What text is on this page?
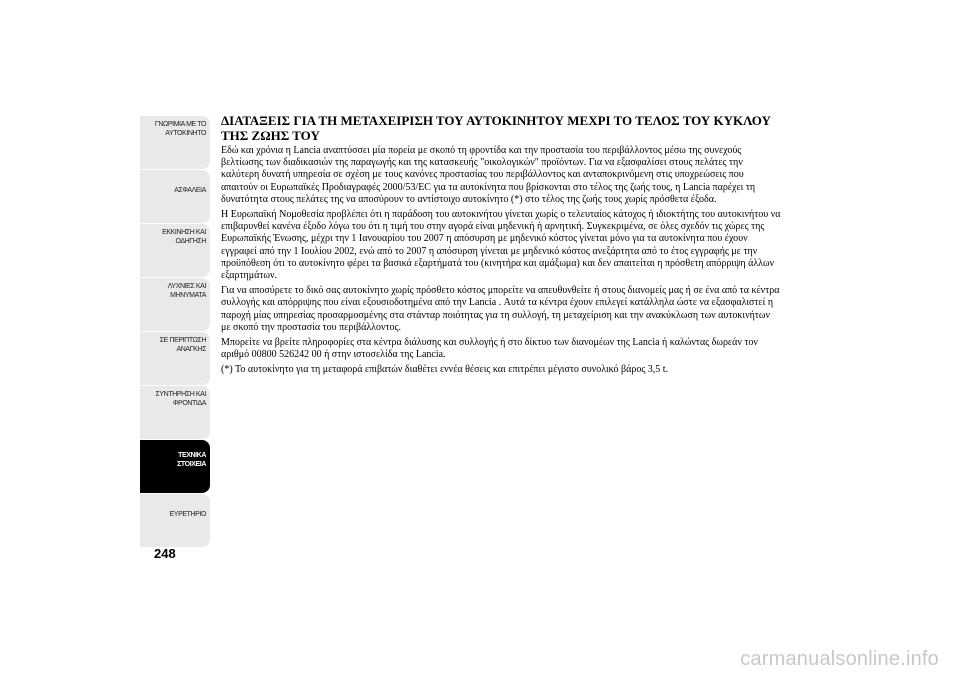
ΓΝΩΡΙΜΙΑ ΜΕ ΤΟ
ΑΥΤΟΚΙΝΗΤΟ
ΑΣΦΑΛΕΙΑ
ΕΚΚΙΝΗΣΗ ΚΑΙ
ΟΔΗΓΗΣΗ
ΛΥΧΝΙΕΣ ΚΑΙ
ΜΗΝΥΜΑΤΑ
ΣΕ ΠΕΡΙΠΤΩΣΗ
ΑΝΑΓΚΗΣ
ΣΥΝΤΗΡΗΣΗ ΚΑΙ
ΦΡΟΝΤΙΔΑ
ΤΕΧΝΙΚΑ
ΣΤΟΙΧΕΙΑ
ΕΥΡΕΤΗΡΙΟ
248
ΔΙΑΤΑΞΕΙΣ ΓΙΑ ΤΗ ΜΕΤΑΧΕΙΡΙΣΗ ΤΟΥ ΑΥΤΟΚΙΝΗΤΟΥ ΜΕΧΡΙ ΤΟ ΤΕΛΟΣ ΤΟΥ ΚΥΚΛΟΥ ΤΗΣ ΖΩΗΣ ΤΟΥ

Εδώ και χρόνια η Lancia αναπτύσσει μία πορεία με σκοπό τη φροντίδα και την προστασία του περιβάλλοντος μέσω της συνεχούς βελτίωσης των διαδικασιών της παραγωγής και της κατασκευής "οικολογικών" προϊόντων. Για να εξασφαλίσει στους πελάτες την καλύτερη δυνατή υπηρεσία σε σχέση με τους κανόνες προστασίας του περιβάλλοντος και ανταποκρινόμενη στις υποχρεώσεις που απαιτούν οι Ευρωπαϊκές Προδιαγραφές 2000/53/EC για τα αυτοκίνητα που βρίσκονται στο τέλος της ζωής τους, η Lancia παρέχει τη δυνατότητα στους πελάτες της να αποσύρουν το αντίστοιχο αυτοκίνητο (*) στο τέλος της ζωής τους χωρίς πρόσθετα έξοδα.

Η Ευρωπαϊκή Νομοθεσία προβλέπει ότι η παράδοση του αυτοκινήτου γίνεται χωρίς ο τελευταίος κάτοχος ή ιδιοκτήτης του αυτοκινήτου να επιβαρυνθεί κανένα έξοδο λόγω του ότι η τιμή του στην αγορά είναι μηδενική ή αρνητική. Συγκεκριμένα, σε όλες σχεδόν τις χώρες της Ευρωπαϊκής Ένωσης, μέχρι την 1 Ιανουαρίου του 2007 η απόσυρση με μηδενικό κόστος γίνεται μόνο για τα αυτοκίνητα που έχουν εγγραφεί από την 1 Ιουλίου 2002, ενώ από το 2007 η απόσυρση γίνεται με μηδενικό κόστος ανεξάρτητα από το έτος εγγραφής με την προϋπόθεση ότι το αυτοκίνητο φέρει τα βασικά εξαρτήματά του (κινητήρα και αμάξωμα) και δεν απαιτείται η πρόσθετη απόρριψη άλλων εξαρτημάτων.

Για να αποσύρετε το δικό σας αυτοκίνητο χωρίς πρόσθετο κόστος μπορείτε να απευθυνθείτε ή στους διανομείς μας ή σε ένα από τα κέντρα συλλογής και απόρριψης που είναι εξουσιοδοτημένα από την Lancia . Αυτά τα κέντρα έχουν επιλεγεί κατάλληλα ώστε να εξασφαλιστεί η παροχή μίας υπηρεσίας προσαρμοσμένης στα στάνταρ ποιότητας για τη συλλογή, τη μεταχείριση και την ανακύκλωση των αυτοκινήτων με σκοπό την προστασία του περιβάλλοντος.

Μπορείτε να βρείτε πληροφορίες στα κέντρα διάλυσης και συλλογής ή στο δίκτυο των διανομέων της Lancia ή καλώντας δωρεάν τον αριθμό 00800 526242 00 ή στην ιστοσελίδα της Lancia.

(*) Το αυτοκίνητο για τη μεταφορά επιβατών διαθέτει εννέα θέσεις και επιτρέπει μέγιστο συνολικό βάρος 3,5 t.

carmanualsonline.info
